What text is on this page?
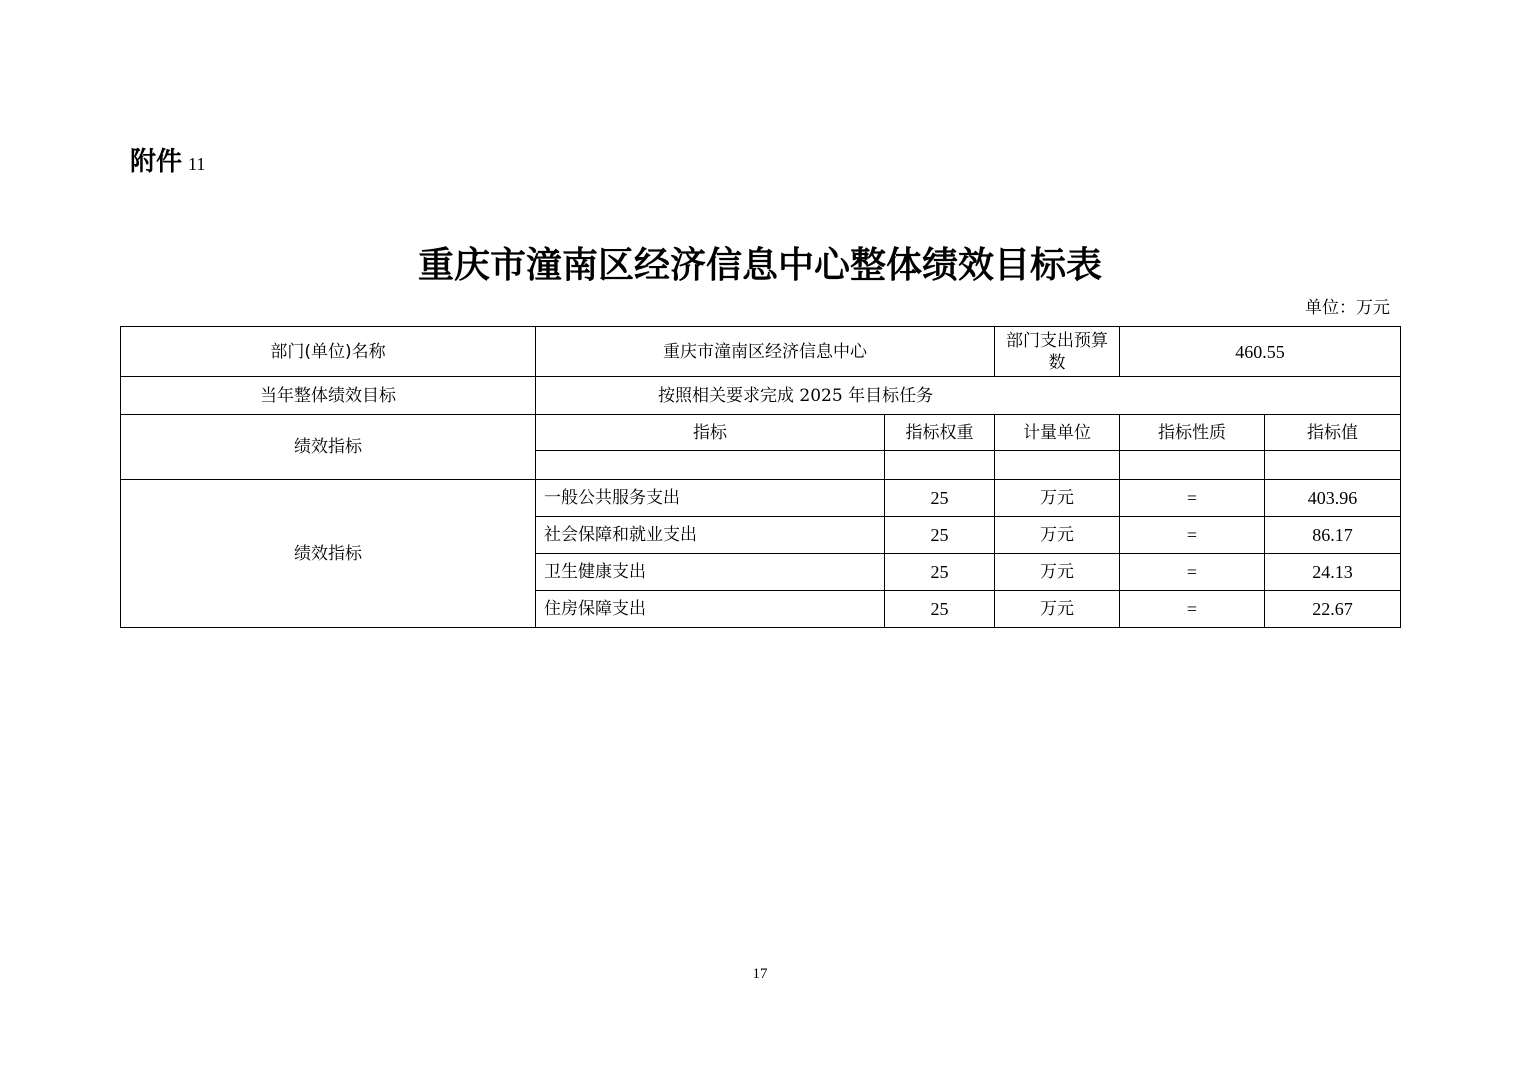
附件 11
重庆市潼南区经济信息中心整体绩效目标表
单位：万元
部门(单位)名称	重庆市潼南区经济信息中心		部门支出预算数	460.55	
当年整体绩效目标	按照相关要求完成 2025 年目标任务				
绩效指标	指标	指标权重	计量单位	指标性质	指标值

绩效指标	一般公共服务支出	25	万元	=	403.96
	社会保障和就业支出	25	万元	=	86.17
	卫生健康支出	25	万元	=	24.13
	住房保障支出	25	万元	=	22.67
17
